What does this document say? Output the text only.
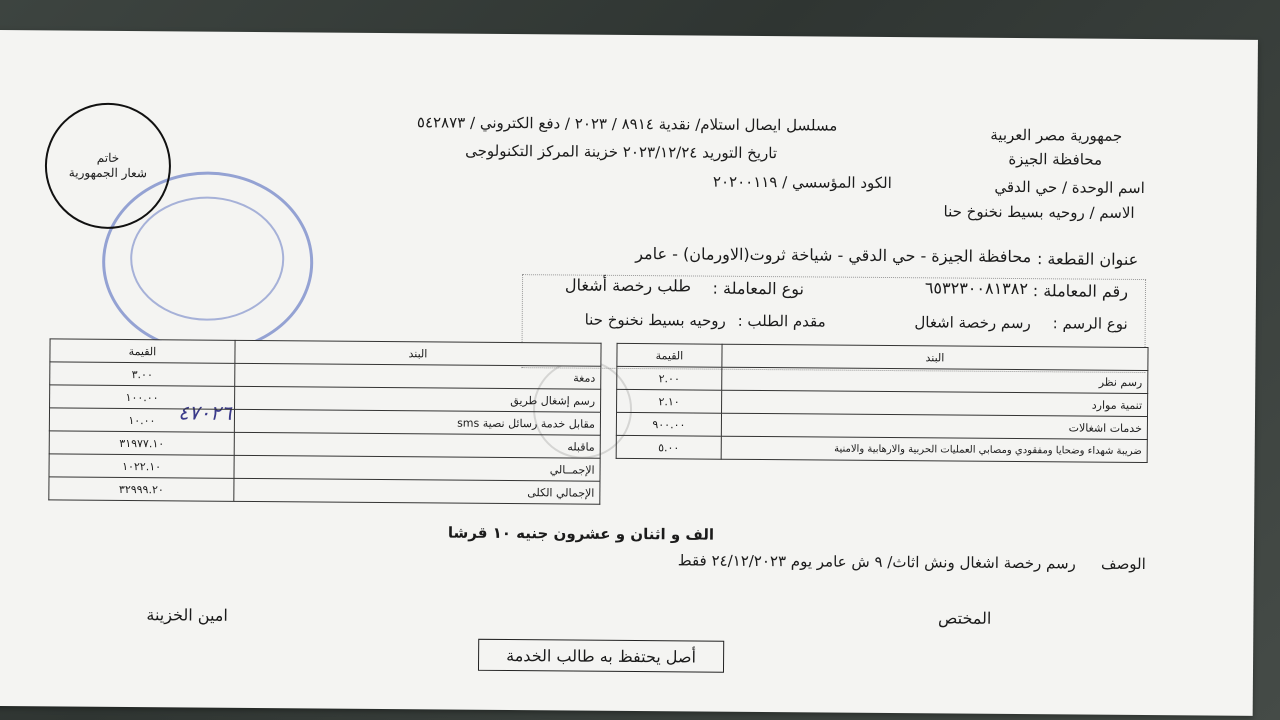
خاتم
شعار الجمهورية
٤٧٠٢٦
جمهورية مصر العربية
محافظة الجيزة
اسم الوحدة / حي الدقي
الاسم / روحيه بسيط نخنوخ حنا
مسلسل ايصال استلام/ نقدية ٨٩١٤ / ٢٠٢٣ / دفع الكتروني / ٥٤٢٨٧٣
تاريخ التوريد ٢٠٢٣/١٢/٢٤ خزينة المركز التكنولوجى
الكود المؤسسي / ٢٠٢٠٠١١٩
عنوان القطعة :
محافظة الجيزة - حي الدقي - شياخة ثروت(الاورمان) - عامر
رقم المعاملة :
٦٥٣٢٣٠٠٨١٣٨٢
نوع المعاملة :
طلب رخصة أشغال
نوع الرسم :
رسم رخصة اشغال
مقدم الطلب :
روحيه بسيط نخنوخ حنا
البند	القيمة
رسم نظر	٢.٠٠
تنمية موارد	٢.١٠
خدمات اشغالات	٩٠٠.٠٠
ضريبة شهداء وضحايا ومفقودي ومصابي العمليات الحربية والارهابية والامنية	٥.٠٠
البند	القيمة
دمغة	٣.٠٠
رسم إشغال طريق	١٠٠.٠٠
مقابل خدمة رسائل نصية sms	١٠.٠٠
ماقبله	٣١٩٧٧.١٠
الإجمــالي	١٠٢٢.١٠
الإجمالي الكلى	٣٢٩٩٩.٢٠
الف و اثنان و عشرون جنيه ١٠ قرشا
الوصف
رسم رخصة اشغال ونش اثاث/ ٩ ش عامر يوم ٢٤/١٢/٢٠٢٣ فقط
المختص
امين الخزينة
أصل يحتفظ به طالب الخدمة
